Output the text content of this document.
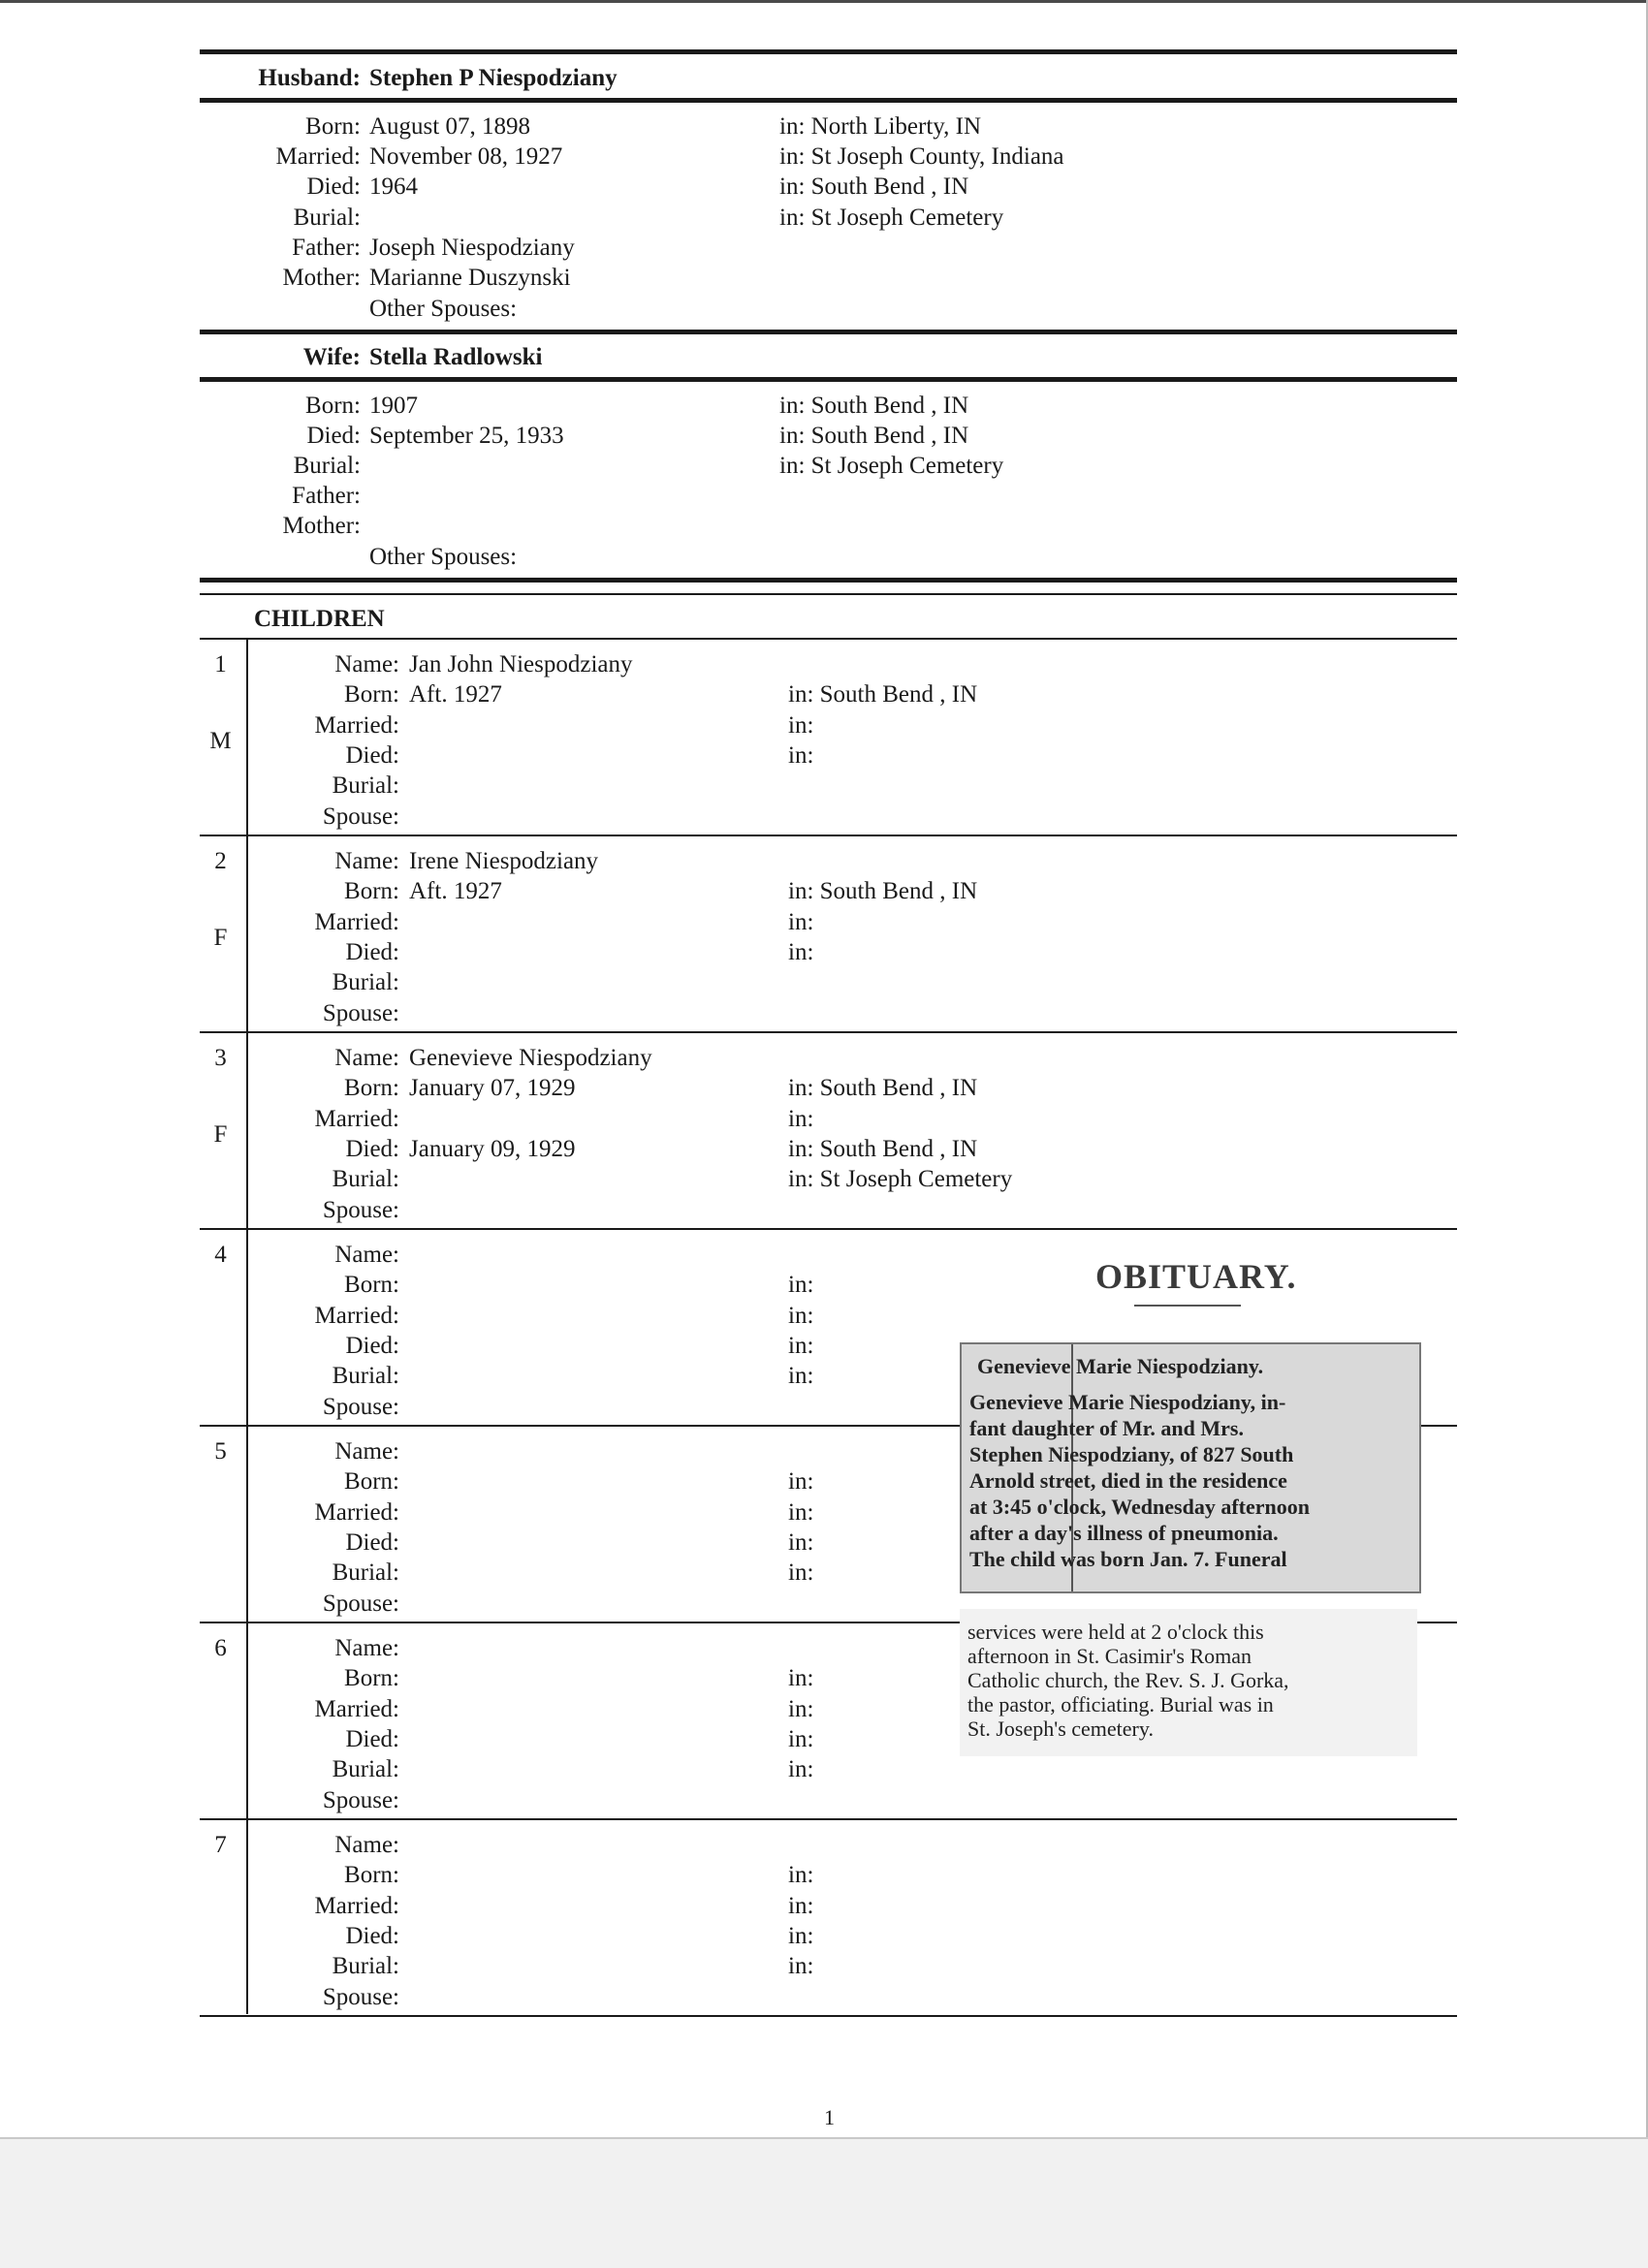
Husband: Stephen P Niespodziany
Born: August 07, 1898	in: North Liberty, IN
Married: November 08, 1927	in: St Joseph County, Indiana
Died: 1964	in: South Bend , IN
Burial:	in: St Joseph Cemetery
Father: Joseph Niespodziany
Mother: Marianne Duszynski
Other Spouses:
Wife: Stella Radlowski
Born: 1907	in: South Bend , IN
Died: September 25, 1933	in: South Bend , IN
Burial:	in: St Joseph Cemetery
Father:
Mother:
Other Spouses:
CHILDREN
1
M
Name: Jan John Niespodziany
Born: Aft. 1927	in: South Bend , IN
Married:	in:
Died:	in:
Burial:
Spouse:
2
F
Name: Irene Niespodziany
Born: Aft. 1927	in: South Bend , IN
Married:	in:
Died:	in:
Burial:
Spouse:
3
F
Name: Genevieve Niespodziany
Born: January 07, 1929	in: South Bend , IN
Married:	in:
Died: January 09, 1929	in: South Bend , IN
Burial:	in: St Joseph Cemetery
Spouse:
4	Name:
Born:	in:
Married:	in:
Died:	in:
Burial:	in:
Spouse:
5	Name:
Born:	in:
Married:	in:
Died:	in:
Burial:	in:
Spouse:
6	Name:
Born:	in:
Married:	in:
Died:	in:
Burial:	in:
Spouse:
7	Name:
Born:	in:
Married:	in:
Died:	in:
Burial:	in:
Spouse:
OBITUARY.
Genevieve Marie Niespodziany.
Genevieve Marie Niespodziany, in-
fant daughter of Mr. and Mrs.
Stephen Niespodziany, of 827 South
Arnold street, died in the residence
at 3:45 o'clock, Wednesday afternoon
after a day's illness of pneumonia.
The child was born Jan. 7. Funeral
services were held at 2 o'clock this
afternoon in St. Casimir's Roman
Catholic church, the Rev. S. J. Gorka,
the pastor, officiating. Burial was in
St. Joseph's cemetery.
1
